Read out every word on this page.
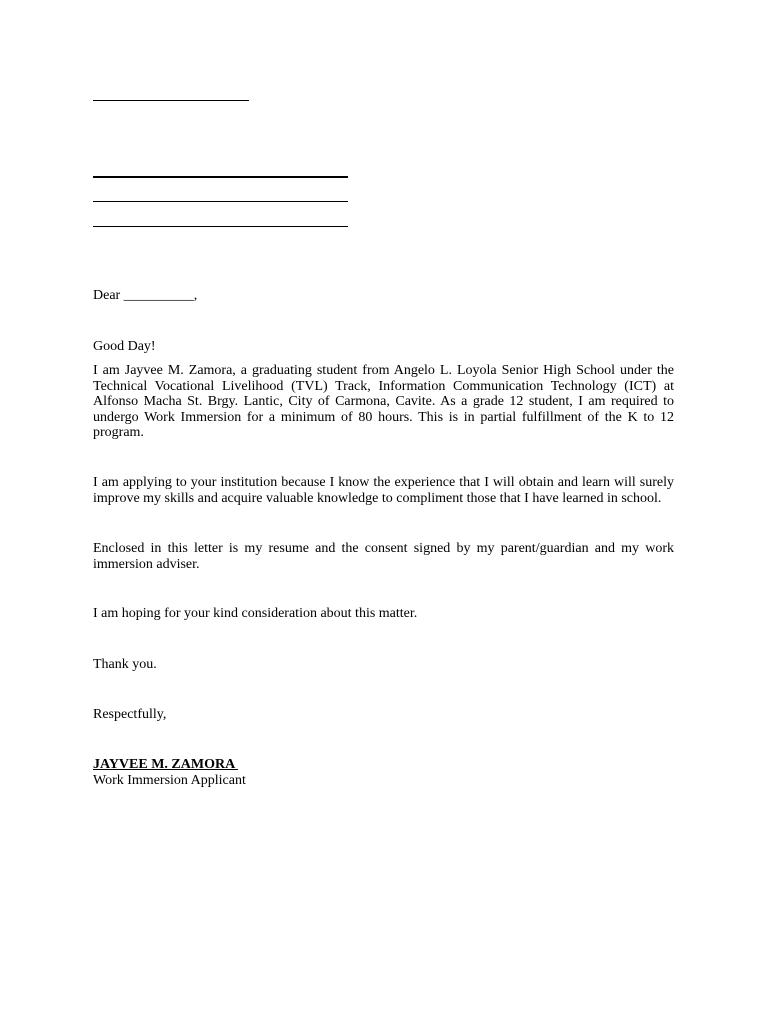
Dear __________,
Good Day!
I am Jayvee M. Zamora, a graduating student from Angelo L. Loyola Senior High School under the Technical Vocational Livelihood (TVL) Track, Information Communication Technology (ICT) at Alfonso Macha St. Brgy. Lantic, City of Carmona, Cavite. As a grade 12 student, I am required to undergo Work Immersion for a minimum of 80 hours. This is in partial fulfillment of the K to 12 program.
I am applying to your institution because I know the experience that I will obtain and learn will surely improve my skills and acquire valuable knowledge to compliment those that I have learned in school.
Enclosed in this letter is my resume and the consent signed by my parent/guardian and my work immersion adviser.
I am hoping for your kind consideration about this matter.
Thank you.
Respectfully,
JAYVEE M. ZAMORA
Work Immersion Applicant
